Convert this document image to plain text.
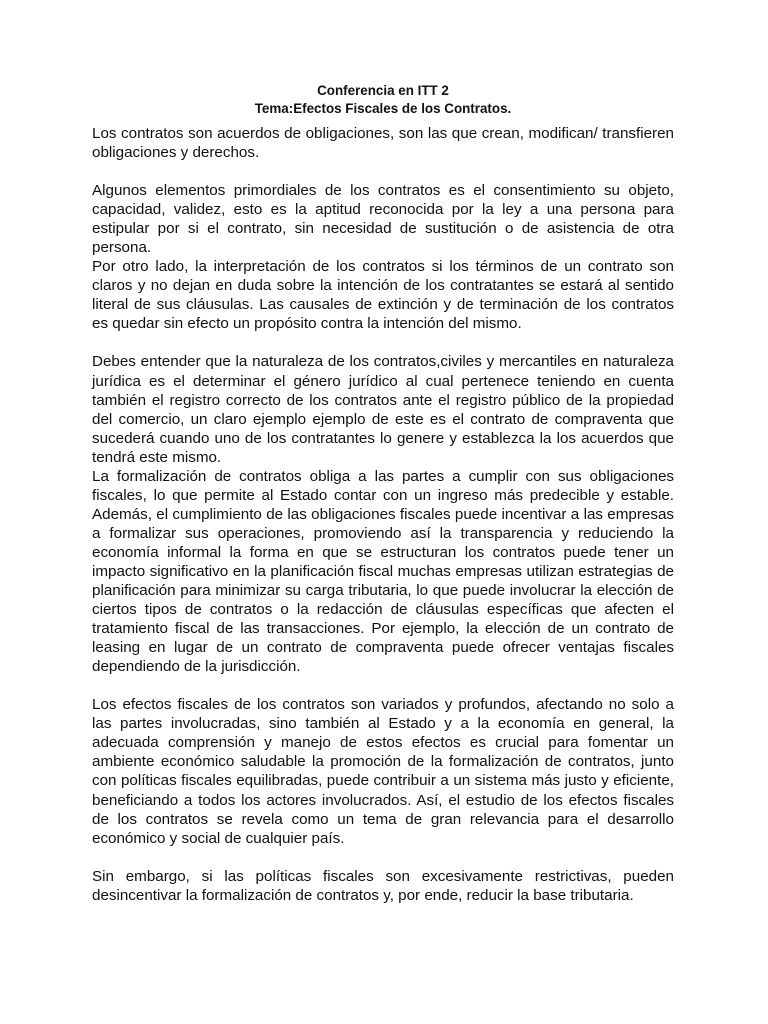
Conferencia en ITT 2
Tema:Efectos Fiscales de los Contratos.

Los contratos son acuerdos de obligaciones, son las que crean, modifican/ transfieren obligaciones y derechos.

Algunos elementos primordiales de los contratos es el consentimiento su objeto, capacidad, validez, esto es la aptitud reconocida por la ley a una persona para estipular por si el contrato, sin necesidad de sustitución o de asistencia de otra persona.

Por otro lado, la interpretación de los contratos si los términos de un contrato son claros y no dejan en duda sobre la intención de los contratantes se estará al sentido literal de sus cláusulas. Las causales de extinción y de terminación de los contratos es quedar sin efecto un propósito contra la intención del mismo.

Debes entender que la naturaleza de los contratos,civiles y mercantiles en naturaleza jurídica es el determinar el género jurídico al cual pertenece teniendo en cuenta también el registro correcto de los contratos ante el registro público de la propiedad del comercio, un claro ejemplo ejemplo de este es el contrato de compraventa que sucederá cuando uno de los contratantes lo genere y establezca la los acuerdos que tendrá este mismo.

La formalización de contratos obliga a las partes a cumplir con sus obligaciones fiscales, lo que permite al Estado contar con un ingreso más predecible y estable. Además, el cumplimiento de las obligaciones fiscales puede incentivar a las empresas a formalizar sus operaciones, promoviendo así la transparencia y reduciendo la economía informal la forma en que se estructuran los contratos puede tener un impacto significativo en la planificación fiscal muchas empresas utilizan estrategias de planificación para minimizar su carga tributaria, lo que puede involucrar la elección de ciertos tipos de contratos o la redacción de cláusulas específicas que afecten el tratamiento fiscal de las transacciones. Por ejemplo, la elección de un contrato de leasing en lugar de un contrato de compraventa puede ofrecer ventajas fiscales dependiendo de la jurisdicción.

Los efectos fiscales de los contratos son variados y profundos, afectando no solo a las partes involucradas, sino también al Estado y a la economía en general, la adecuada comprensión y manejo de estos efectos es crucial para fomentar un ambiente económico saludable la promoción de la formalización de contratos, junto con políticas fiscales equilibradas, puede contribuir a un sistema más justo y eficiente, beneficiando a todos los actores involucrados. Así, el estudio de los efectos fiscales de los contratos se revela como un tema de gran relevancia para el desarrollo económico y social de cualquier país.

Sin embargo, si las políticas fiscales son excesivamente restrictivas, pueden desincentivar la formalización de contratos y, por ende, reducir la base tributaria.
